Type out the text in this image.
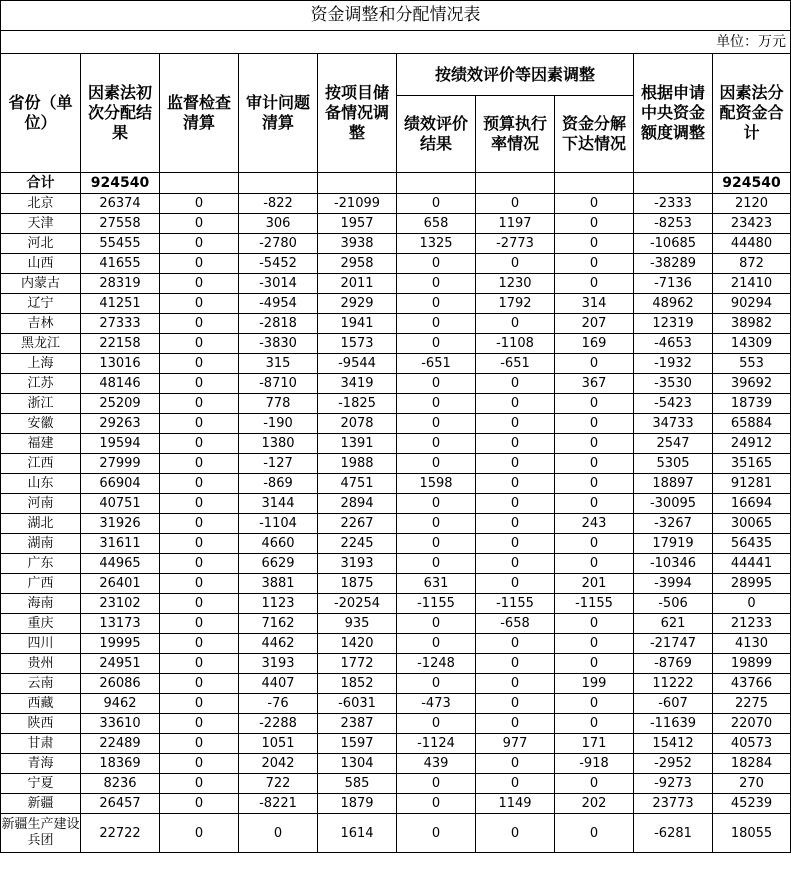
资金调整和分配情况表									
单位：万元									
省份（单位）	因素法初次分配结果	监督检查清算	审计问题清算	按项目储备情况调整	按绩效评价等因素调整			根据申请中央资金额度调整	因素法分配资金合计
					绩效评价结果	预算执行率情况	资金分解下达情况		
合计	924540								924540
北京	26374	0	-822	-21099	0	0	0	-2333	2120
天津	27558	0	306	1957	658	1197	0	-8253	23423
河北	55455	0	-2780	3938	1325	-2773	0	-10685	44480
山西	41655	0	-5452	2958	0	0	0	-38289	872
内蒙古	28319	0	-3014	2011	0	1230	0	-7136	21410
辽宁	41251	0	-4954	2929	0	1792	314	48962	90294
吉林	27333	0	-2818	1941	0	0	207	12319	38982
黑龙江	22158	0	-3830	1573	0	-1108	169	-4653	14309
上海	13016	0	315	-9544	-651	-651	0	-1932	553
江苏	48146	0	-8710	3419	0	0	367	-3530	39692
浙江	25209	0	778	-1825	0	0	0	-5423	18739
安徽	29263	0	-190	2078	0	0	0	34733	65884
福建	19594	0	1380	1391	0	0	0	2547	24912
江西	27999	0	-127	1988	0	0	0	5305	35165
山东	66904	0	-869	4751	1598	0	0	18897	91281
河南	40751	0	3144	2894	0	0	0	-30095	16694
湖北	31926	0	-1104	2267	0	0	243	-3267	30065
湖南	31611	0	4660	2245	0	0	0	17919	56435
广东	44965	0	6629	3193	0	0	0	-10346	44441
广西	26401	0	3881	1875	631	0	201	-3994	28995
海南	23102	0	1123	-20254	-1155	-1155	-1155	-506	0
重庆	13173	0	7162	935	0	-658	0	621	21233
四川	19995	0	4462	1420	0	0	0	-21747	4130
贵州	24951	0	3193	1772	-1248	0	0	-8769	19899
云南	26086	0	4407	1852	0	0	199	11222	43766
西藏	9462	0	-76	-6031	-473	0	0	-607	2275
陕西	33610	0	-2288	2387	0	0	0	-11639	22070
甘肃	22489	0	1051	1597	-1124	977	171	15412	40573
青海	18369	0	2042	1304	439	0	-918	-2952	18284
宁夏	8236	0	722	585	0	0	0	-9273	270
新疆	26457	0	-8221	1879	0	1149	202	23773	45239
新疆生产建设兵团	22722	0	0	1614	0	0	0	-6281	18055
